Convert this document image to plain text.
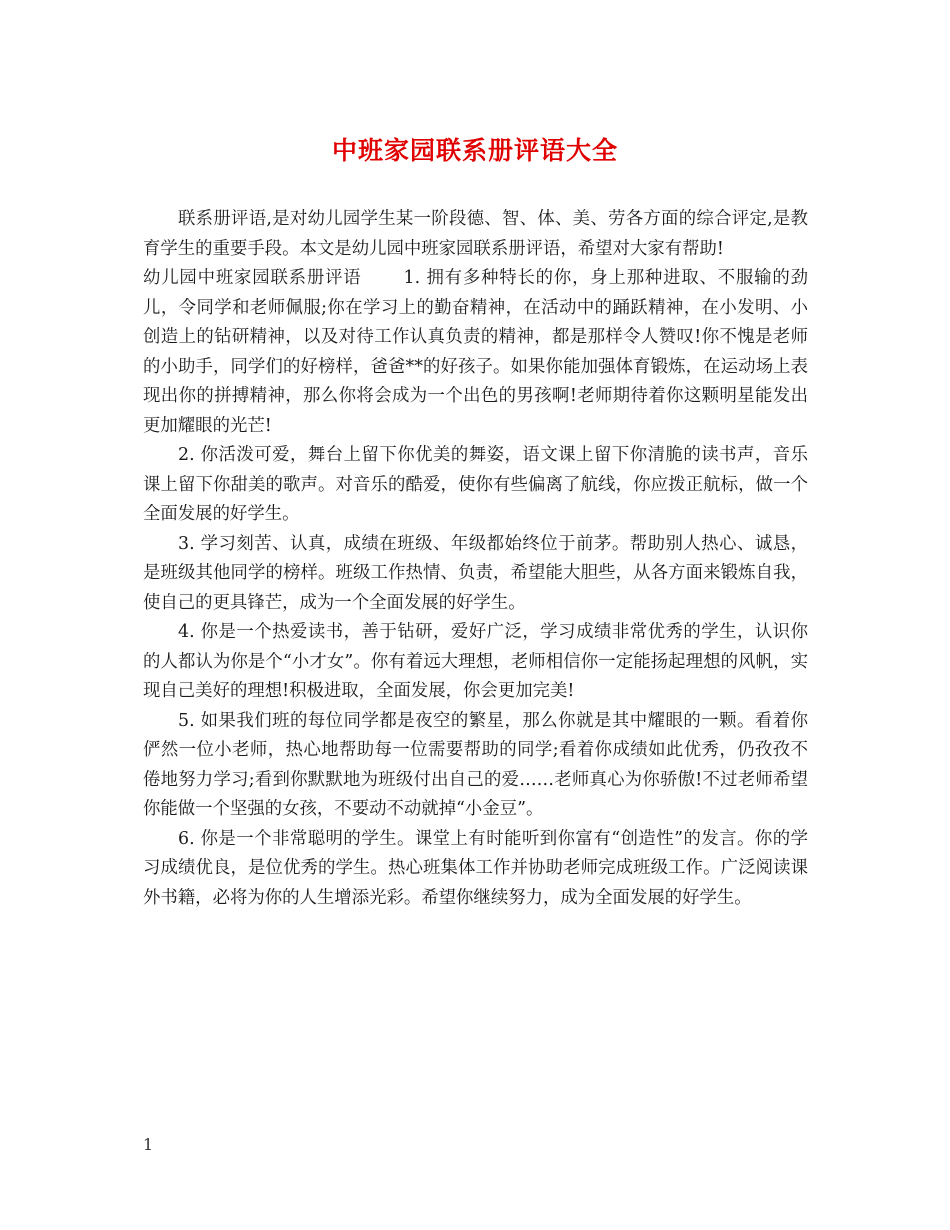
中班家园联系册评语大全

联系册评语,是对幼儿园学生某一阶段德、智、体、美、劳各方面的综合评定,是教育学生的重要手段。本文是幼儿园中班家园联系册评语，希望对大家有帮助!
幼儿园中班家园联系册评语 1. 拥有多种特长的你，身上那种进取、不服输的劲儿，令同学和老师佩服;你在学习上的勤奋精神，在活动中的踊跃精神，在小发明、小创造上的钻研精神，以及对待工作认真负责的精神，都是那样令人赞叹!你不愧是老师的小助手，同学们的好榜样，爸爸**的好孩子。如果你能加强体育锻炼，在运动场上表现出你的拼搏精神，那么你将会成为一个出色的男孩啊!老师期待着你这颗明星能发出更加耀眼的光芒!

2. 你活泼可爱，舞台上留下你优美的舞姿，语文课上留下你清脆的读书声，音乐课上留下你甜美的歌声。对音乐的酷爱，使你有些偏离了航线，你应拨正航标，做一个全面发展的好学生。

3. 学习刻苦、认真，成绩在班级、年级都始终位于前茅。帮助别人热心、诚恳，是班级其他同学的榜样。班级工作热情、负责，希望能大胆些，从各方面来锻炼自我，使自己的更具锋芒，成为一个全面发展的好学生。

4. 你是一个热爱读书，善于钻研，爱好广泛，学习成绩非常优秀的学生，认识你的人都认为你是个“小才女”。你有着远大理想，老师相信你一定能扬起理想的风帆，实现自己美好的理想!积极进取，全面发展，你会更加完美!

5. 如果我们班的每位同学都是夜空的繁星，那么你就是其中耀眼的一颗。看着你俨然一位小老师，热心地帮助每一位需要帮助的同学;看着你成绩如此优秀，仍孜孜不倦地努力学习;看到你默默地为班级付出自己的爱……老师真心为你骄傲!不过老师希望你能做一个坚强的女孩，不要动不动就掉“小金豆”。

6. 你是一个非常聪明的学生。课堂上有时能听到你富有“创造性”的发言。你的学习成绩优良，是位优秀的学生。热心班集体工作并协助老师完成班级工作。广泛阅读课外书籍，必将为你的人生增添光彩。希望你继续努力，成为全面发展的好学生。

1
